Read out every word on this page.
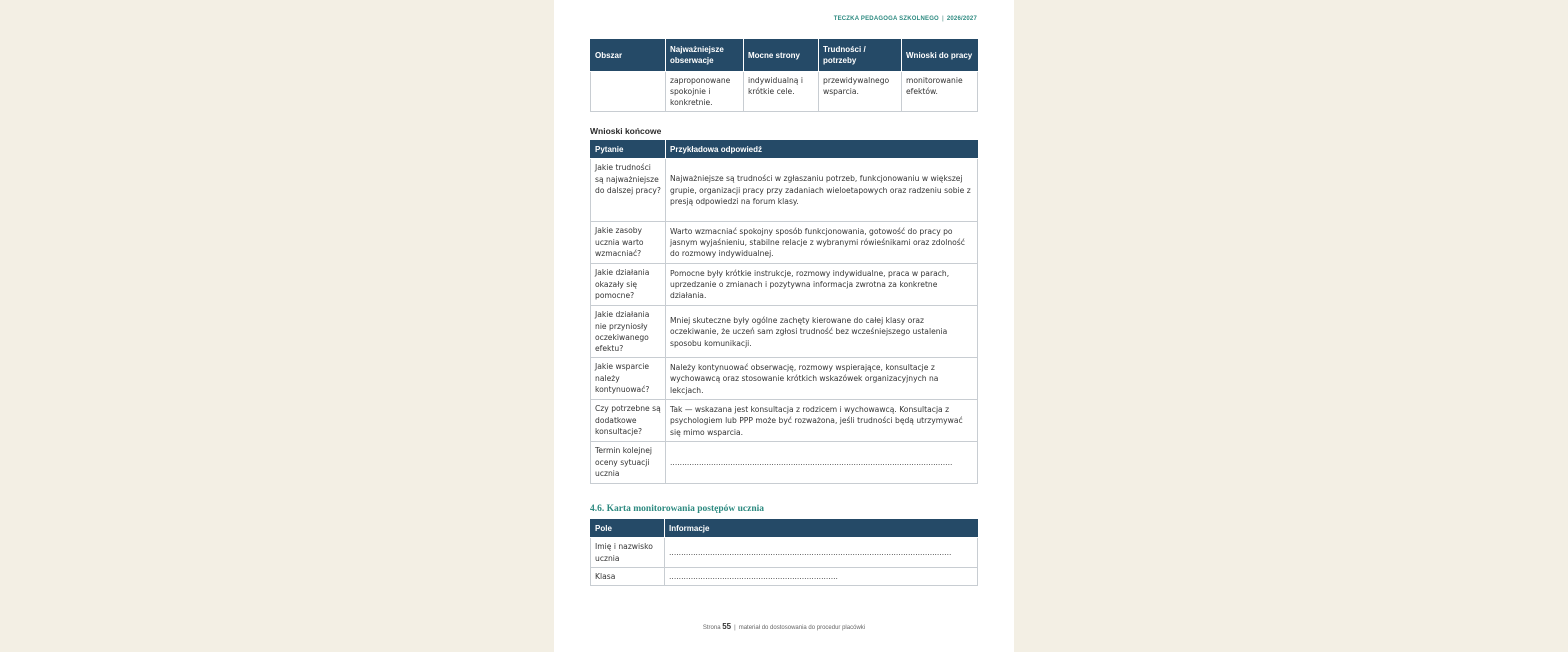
TECZKA PEDAGOGA SZKOLNEGO | 2026/2027
Obszar	Najważniejsze obserwacje	Mocne strony	Trudności / potrzeby	Wnioski do pracy
	zaproponowane spokojnie i konkretnie.	indywidualną i krótkie cele.	przewidywalnego wsparcia.	monitorowanie efektów.
Wnioski końcowe
Pytanie	Przykładowa odpowiedź
Jakie trudności są najważniejsze do dalszej pracy?	Najważniejsze są trudności w zgłaszaniu potrzeb, funkcjonowaniu w większej grupie, organizacji pracy przy zadaniach wieloetapowych oraz radzeniu sobie z presją odpowiedzi na forum klasy.
Jakie zasoby ucznia warto wzmacniać?	Warto wzmacniać spokojny sposób funkcjonowania, gotowość do pracy po jasnym wyjaśnieniu, stabilne relacje z wybranymi rówieśnikami oraz zdolność do rozmowy indywidualnej.
Jakie działania okazały się pomocne?	Pomocne były krótkie instrukcje, rozmowy indywidualne, praca w parach, uprzedzanie o zmianach i pozytywna informacja zwrotna za konkretne działania.
Jakie działania nie przyniosły oczekiwanego efektu?	Mniej skuteczne były ogólne zachęty kierowane do całej klasy oraz oczekiwanie, że uczeń sam zgłosi trudność bez wcześniejszego ustalenia sposobu komunikacji.
Jakie wsparcie należy kontynuować?	Należy kontynuować obserwację, rozmowy wspierające, konsultacje z wychowawcą oraz stosowanie krótkich wskazówek organizacyjnych na lekcjach.
Czy potrzebne są dodatkowe konsultacje?	Tak — wskazana jest konsultacja z rodzicem i wychowawcą. Konsultacja z psychologiem lub PPP może być rozważona, jeśli trudności będą utrzymywać się mimo wsparcia.
Termin kolejnej oceny sytuacji ucznia	.....................................................................................................................
4.6. Karta monitorowania postępów ucznia
Pole	Informacje
Imię i nazwisko ucznia	.....................................................................................................................
Klasa	......................................................................
Strona 55 | materiał do dostosowania do procedur placówki
